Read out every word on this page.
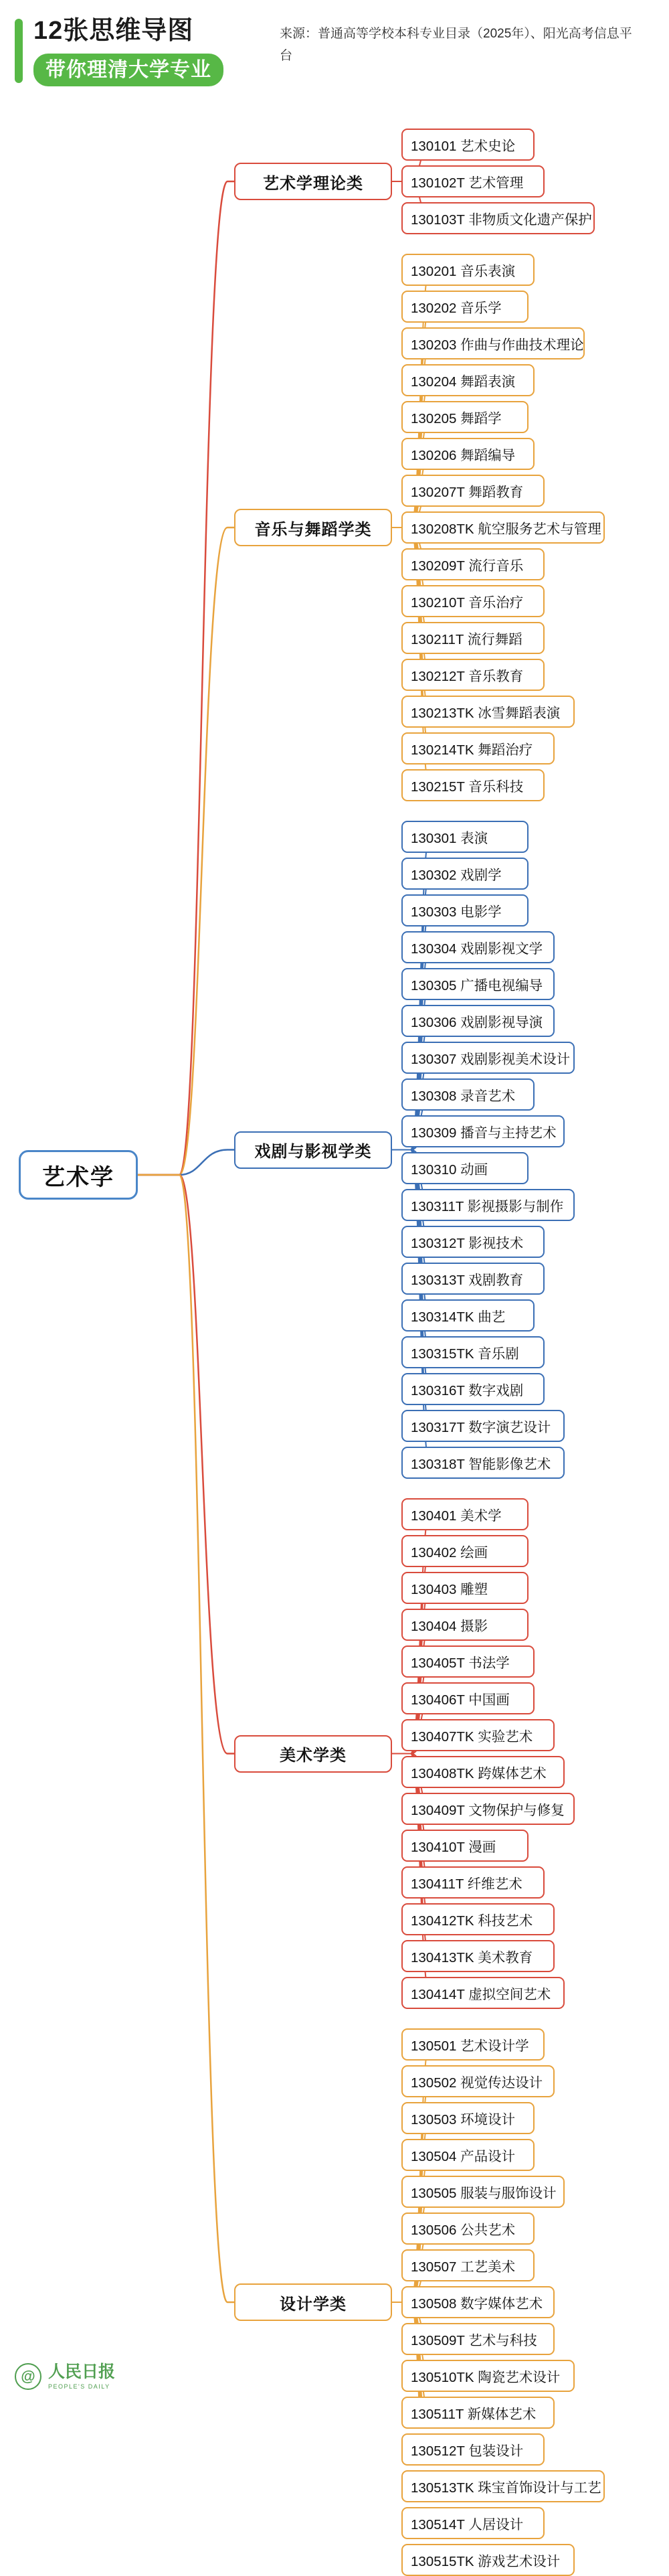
12张思维导图
带你理清大学专业
来源：普通高等学校本科专业目录（2025年）、阳光高考信息平台
艺术学
130101 艺术史论
130102T 艺术管理
130103T 非物质文化遗产保护
艺术学理论类
130201 音乐表演
130202 音乐学
130203 作曲与作曲技术理论
130204 舞蹈表演
130205 舞蹈学
130206 舞蹈编导
130207T 舞蹈教育
130208TK 航空服务艺术与管理
130209T 流行音乐
130210T 音乐治疗
130211T 流行舞蹈
130212T 音乐教育
130213TK 冰雪舞蹈表演
130214TK 舞蹈治疗
130215T 音乐科技
音乐与舞蹈学类
130301 表演
130302 戏剧学
130303 电影学
130304 戏剧影视文学
130305 广播电视编导
130306 戏剧影视导演
130307 戏剧影视美术设计
130308 录音艺术
130309 播音与主持艺术
130310 动画
130311T 影视摄影与制作
130312T 影视技术
130313T 戏剧教育
130314TK 曲艺
130315TK 音乐剧
130316T 数字戏剧
130317T 数字演艺设计
130318T 智能影像艺术
戏剧与影视学类
130401 美术学
130402 绘画
130403 雕塑
130404 摄影
130405T 书法学
130406T 中国画
130407TK 实验艺术
130408TK 跨媒体艺术
130409T 文物保护与修复
130410T 漫画
130411T 纤维艺术
130412TK 科技艺术
130413TK 美术教育
130414T 虚拟空间艺术
美术学类
130501 艺术设计学
130502 视觉传达设计
130503 环境设计
130504 产品设计
130505 服装与服饰设计
130506 公共艺术
130507 工艺美术
130508 数字媒体艺术
130509T 艺术与科技
130510TK 陶瓷艺术设计
130511T 新媒体艺术
130512T 包装设计
130513TK 珠宝首饰设计与工艺
130514T 人居设计
130515TK 游戏艺术设计
设计学类
@ 人民日报
PEOPLE'S DAILY
